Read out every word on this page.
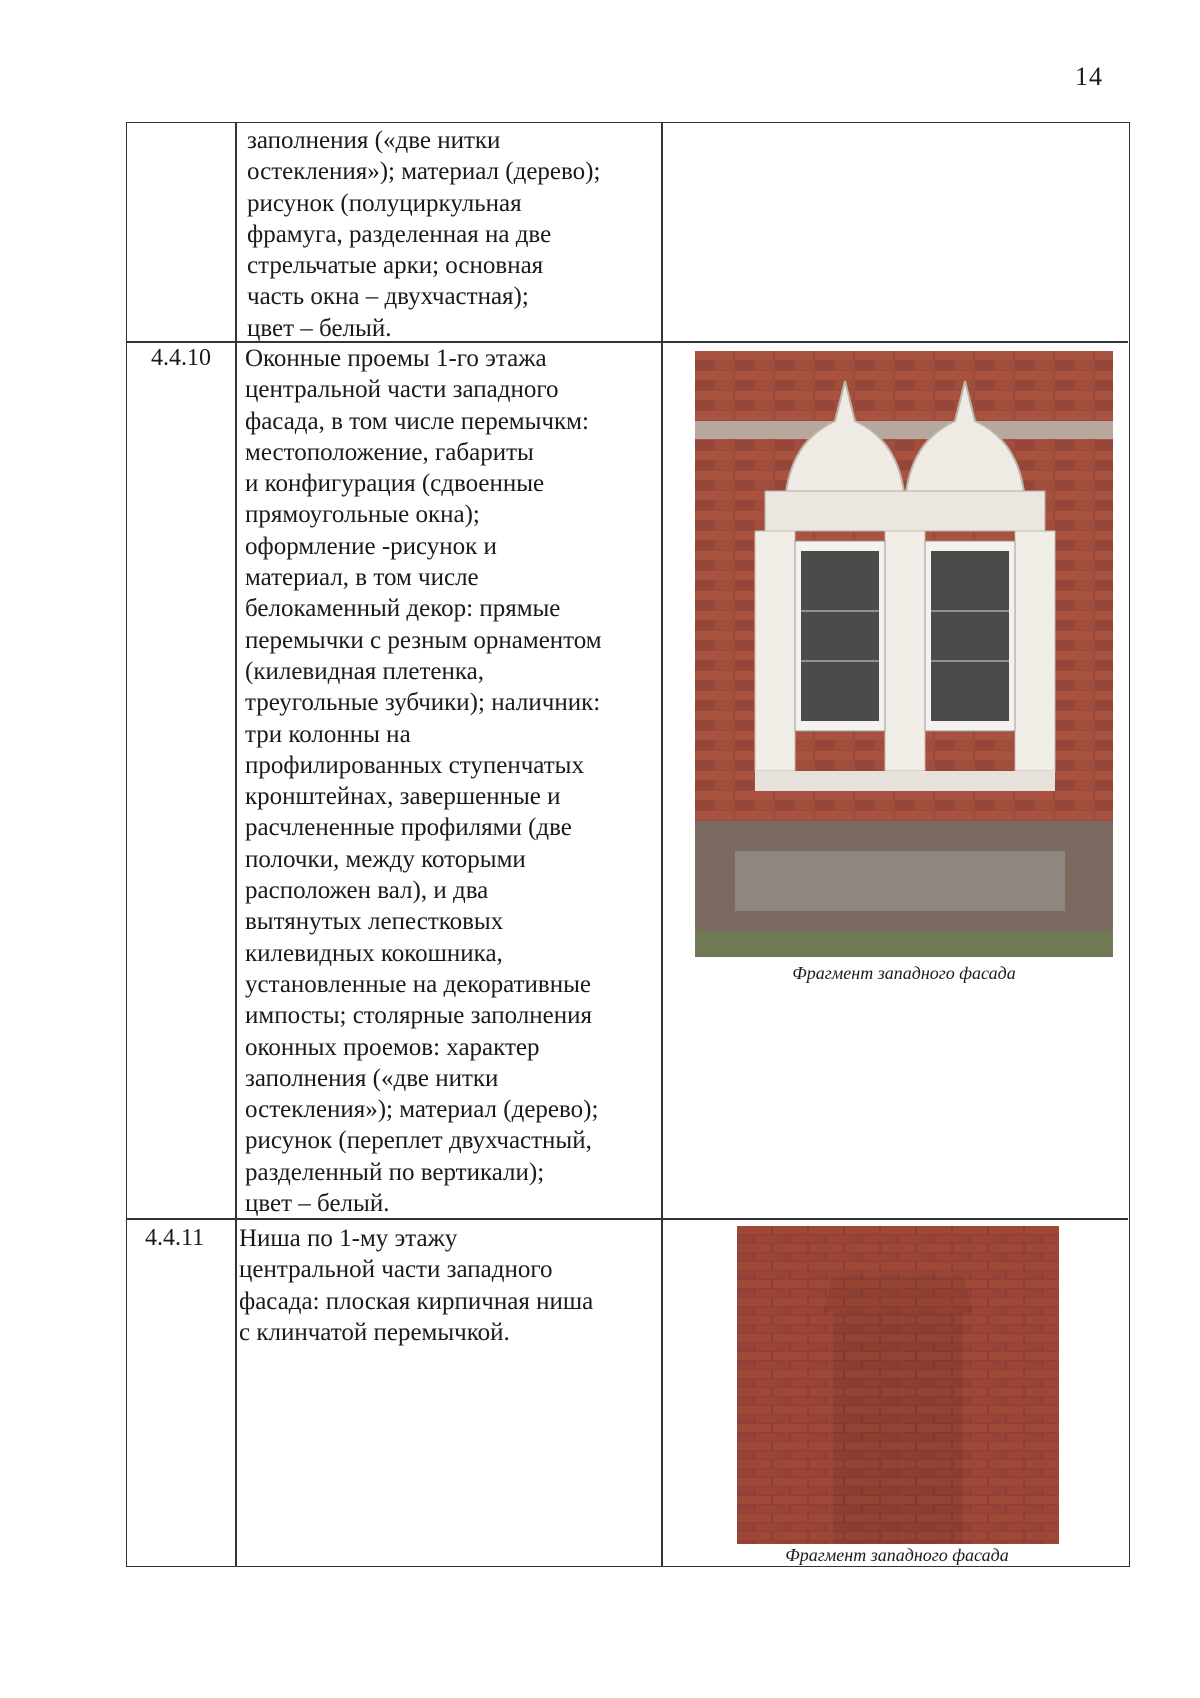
14
заполнения («две нитки
остекления»); материал (дерево);
рисунок (полуциркульная
фрамуга, разделенная на две
стрельчатые арки; основная
часть окна – двухчастная);
цвет – белый.
4.4.10 Оконные проемы 1-го этажа
центральной части западного
фасада, в том числе перемычкм:
местоположение, габариты
и конфигурация (сдвоенные
прямоугольные окна);
оформление -рисунок и
материал, в том числе
белокаменный декор: прямые
перемычки с резным орнаментом
(килевидная плетенка,
треугольные зубчики); наличник:
три колонны на
профилированных ступенчатых
кронштейнах, завершенные и
расчлененные профилями (две
полочки, между которыми
расположен вал), и два
вытянутых лепестковых
килевидных кокошника,
установленные на декоративные
импосты; столярные заполнения
оконных проемов: характер
заполнения («две нитки
остекления»); материал (дерево);
рисунок (переплет двухчастный,
разделенный по вертикали);
цвет – белый.
Фрагмент западного фасада
4.4.11 Ниша по 1-му этажу
центральной части западного
фасада: плоская кирпичная ниша
с клинчатой перемычкой.
Фрагмент западного фасада
